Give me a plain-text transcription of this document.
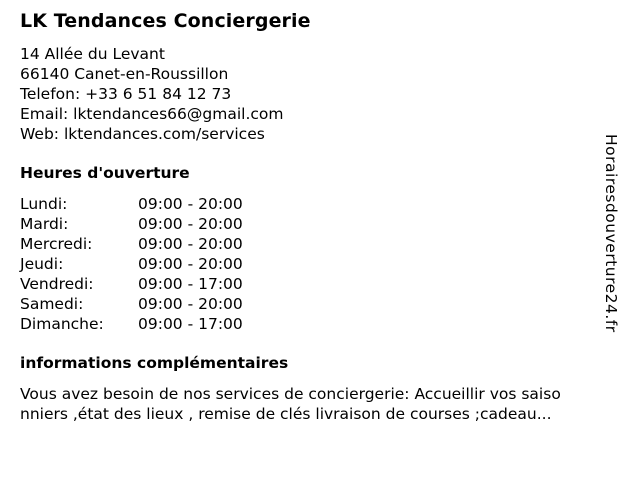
LK Tendances Conciergerie
14 Allée du Levant
66140 Canet-en-Roussillon
Telefon: +33 6 51 84 12 73
Email: lktendances66@gmail.com
Web: lktendances.com/services
Heures d'ouverture
Lundi:	09:00 - 20:00
Mardi:	09:00 - 20:00
Mercredi:	09:00 - 20:00
Jeudi:	09:00 - 20:00
Vendredi:	09:00 - 17:00
Samedi:	09:00 - 20:00
Dimanche: 09:00 - 17:00
informations complémentaires
Vous avez besoin de nos services de conciergerie: Accueillir vos saiso
nniers ,état des lieux , remise de clés livraison de courses ;cadeau...
Horairesdouverture24.fr
